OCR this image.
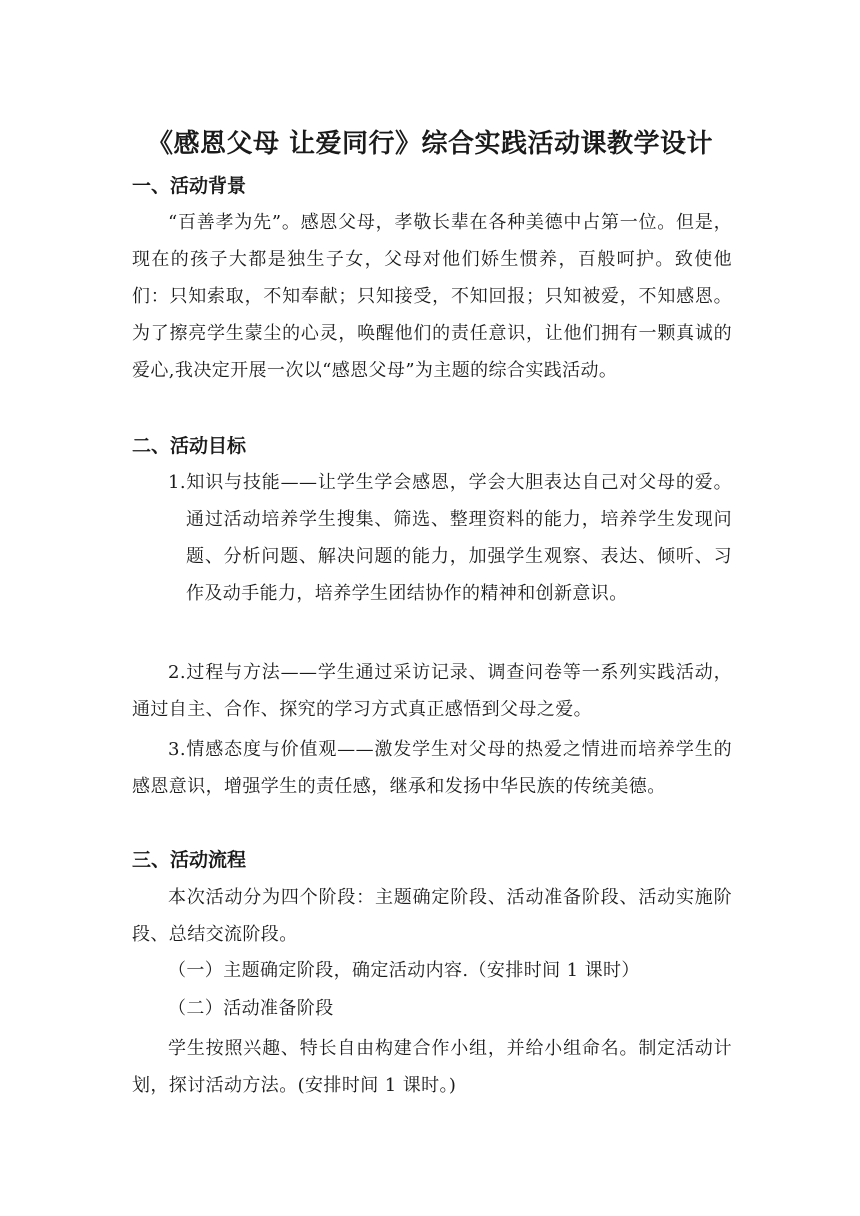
《感恩父母 让爱同行》综合实践活动课教学设计
一、活动背景
“百善孝为先”。感恩父母，孝敬长辈在各种美德中占第一位。但是，现在的孩子大都是独生子女，父母对他们娇生惯养，百般呵护。致使他们：只知索取，不知奉献；只知接受，不知回报；只知被爱，不知感恩。为了擦亮学生蒙尘的心灵，唤醒他们的责任意识，让他们拥有一颗真诚的爱心,我决定开展一次以“感恩父母”为主题的综合实践活动。
二、活动目标
1.知识与技能——让学生学会感恩，学会大胆表达自己对父母的爱。通过活动培养学生搜集、筛选、整理资料的能力，培养学生发现问题、分析问题、解决问题的能力，加强学生观察、表达、倾听、习作及动手能力，培养学生团结协作的精神和创新意识。
2.过程与方法——学生通过采访记录、调查问卷等一系列实践活动，通过自主、合作、探究的学习方式真正感悟到父母之爱。
3.情感态度与价值观——激发学生对父母的热爱之情进而培养学生的感恩意识，增强学生的责任感，继承和发扬中华民族的传统美德。
三、活动流程
本次活动分为四个阶段：主题确定阶段、活动准备阶段、活动实施阶段、总结交流阶段。
（一）主题确定阶段，确定活动内容.（安排时间 1 课时）
（二）活动准备阶段
学生按照兴趣、特长自由构建合作小组，并给小组命名。制定活动计划，探讨活动方法。(安排时间 1 课时。)
